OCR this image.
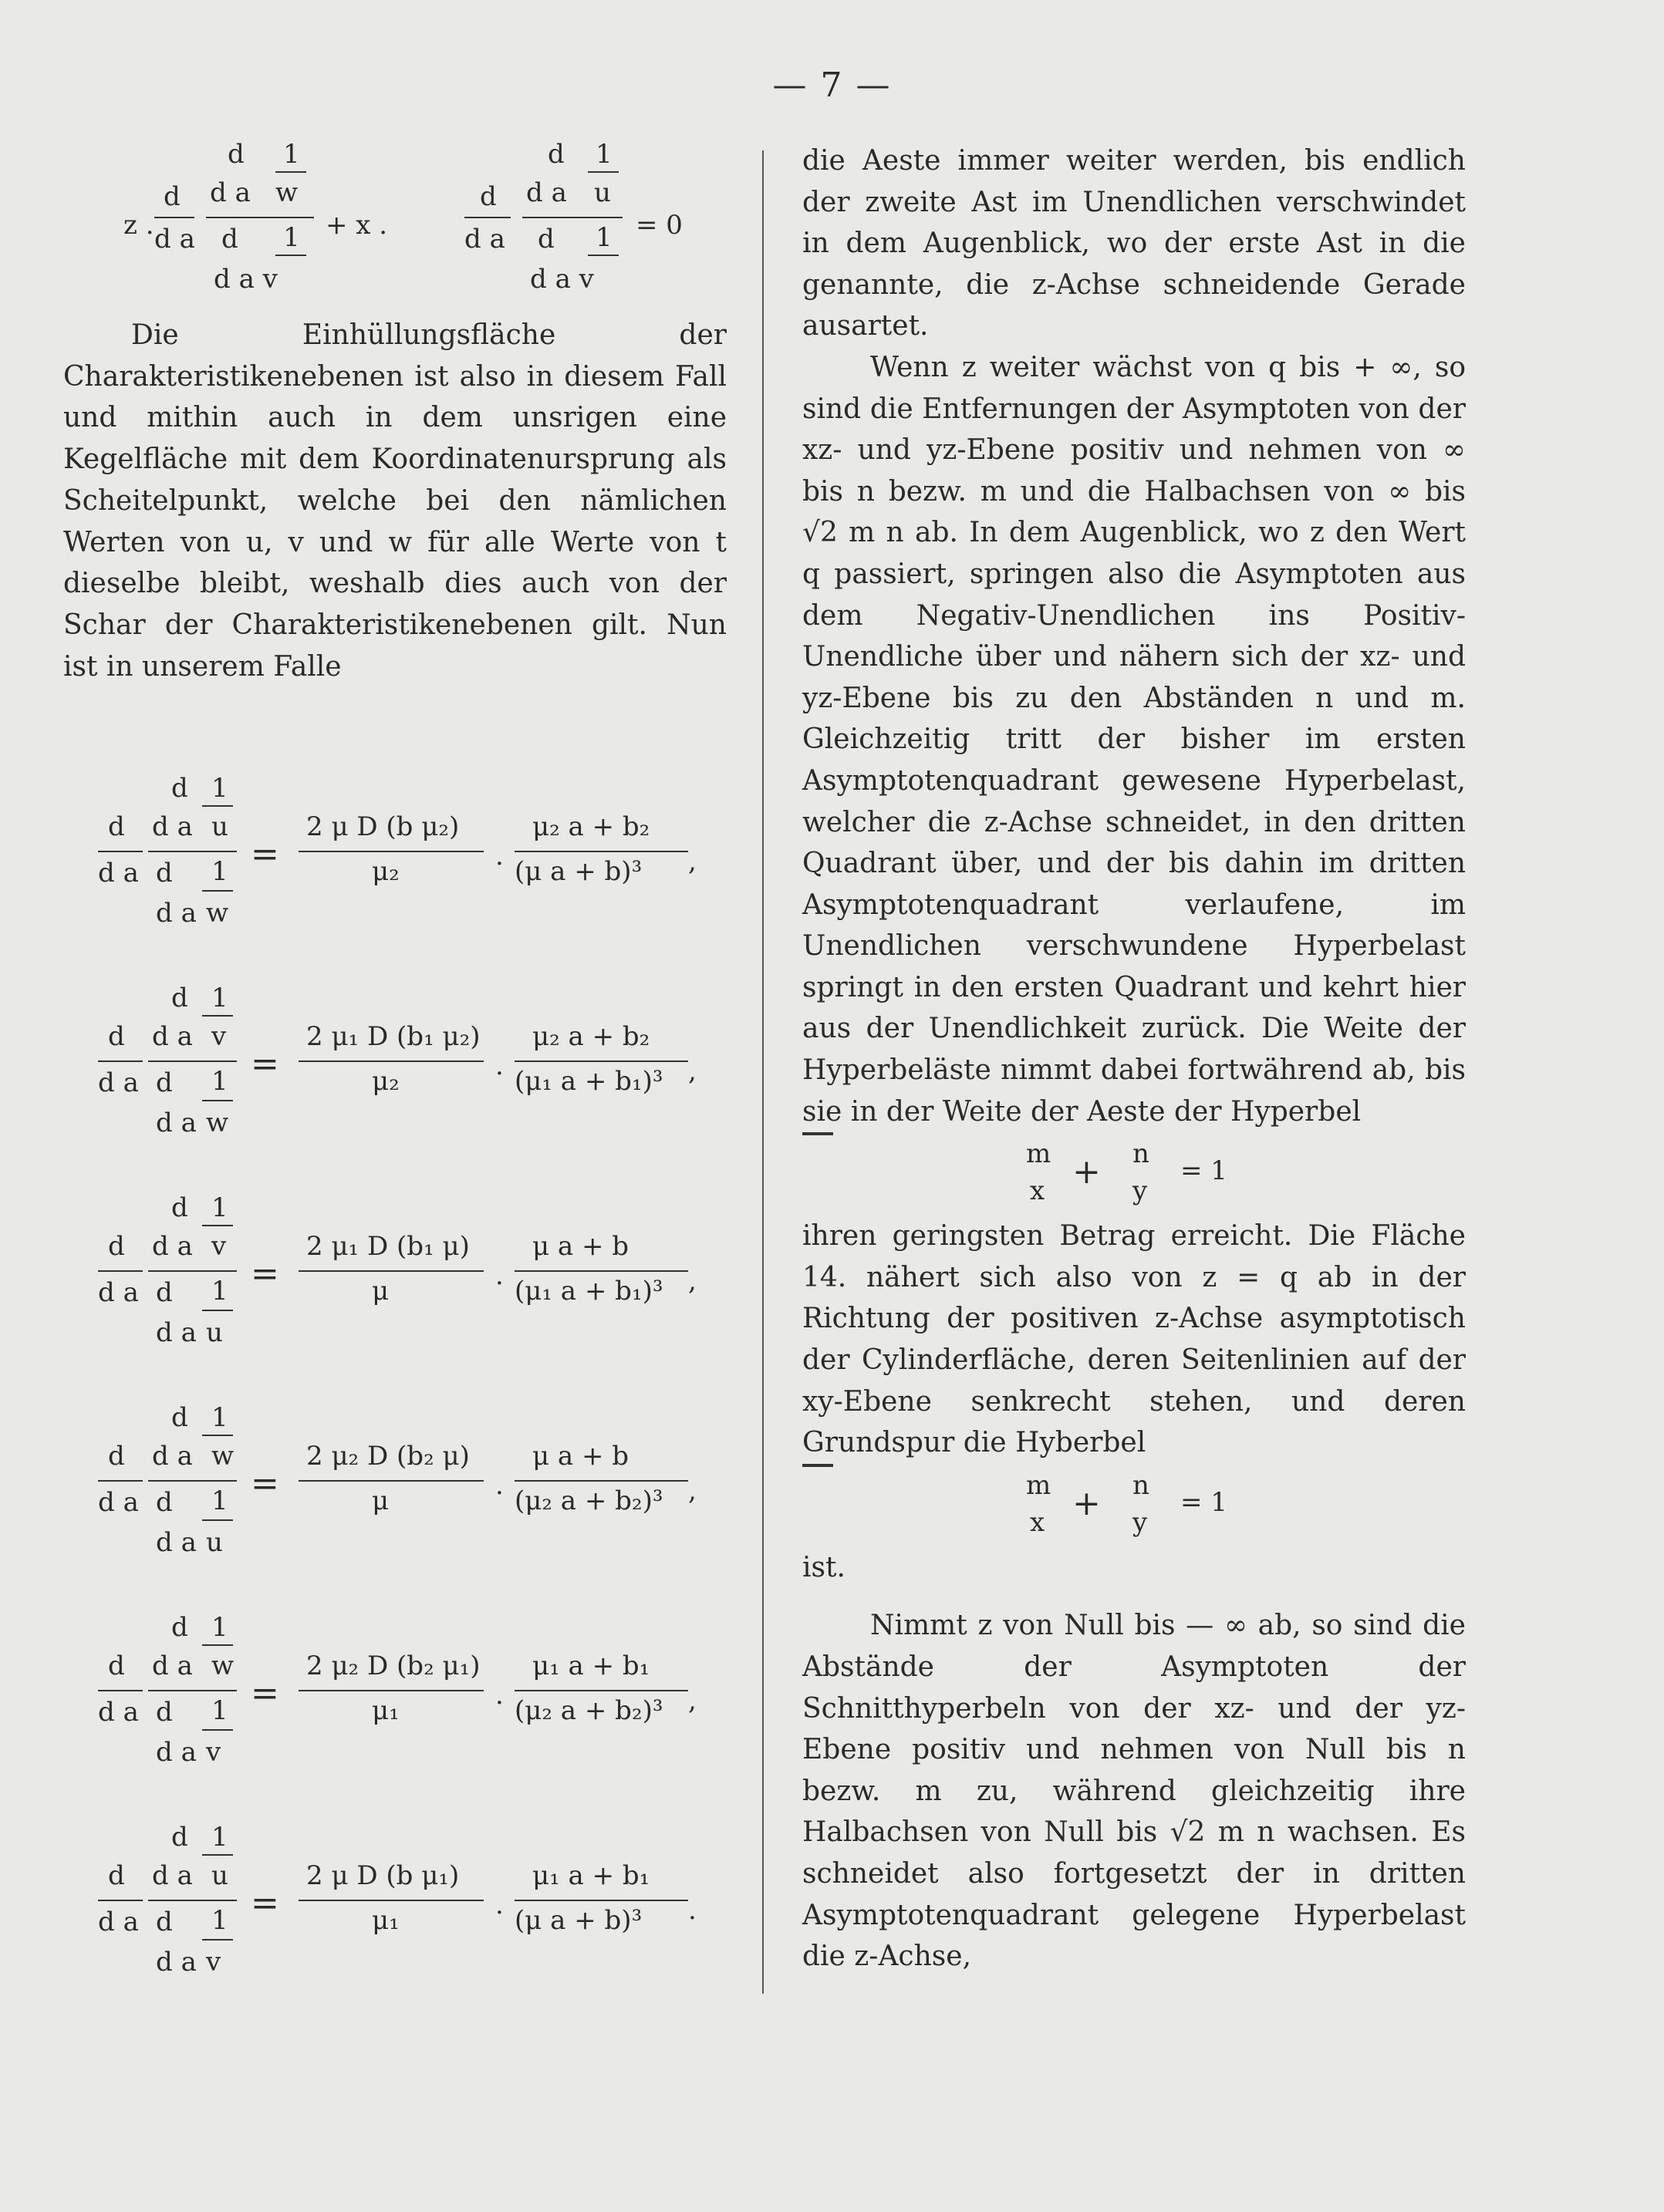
— 7 —
z .
d 1
d a w
d
d a d 1
d a v
+ x .
d 1
d a u
d
d a d 1
d a v
= 0

Die Einhüllungsfläche der Charakteristikenebenen ist also in diesem Fall und mithin auch in dem unsrigen eine Kegelfläche mit dem Koordinatenursprung als Scheitelpunkt, welche bei den nämlichen Werten von u, v und w für alle Werte von t dieselbe bleibt, weshalb dies auch von der Schar der Charakteristikenebenen gilt. Nun ist in unserem Falle

d 1
d a u
d
d a d 1
w
=
2 μ D (b μ₂)
μ₂	.
μ₂ a + b₂
(μ a + b)³ ,
d a
d 1
d a v
d
d a d 1
w
=
2 μ₁ D (b₁ μ₂)
μ₂	.
μ₂ a + b₂
(μ₁ a + b₁)³ ,
d a
d 1
d a v
d
d a d 1
u
=
2 μ₁ D (b₁ μ)
μ	.
μ a + b
(μ₁ a + b₁)³ ,
d a
d 1
d a w
d
d a d 1
u
=
2 μ₂ D (b₂ μ)
μ	.
μ a + b
(μ₂ a + b₂)³ ,
d a
d 1
d a w
d
d a d 1
v
=
2 μ₂ D (b₂ μ₁)
μ₁	.
μ₁ a + b₁
(μ₂ a + b₂)³ ,
d a
d 1
d a u
d
d a d 1
v
=
2 μ D (b μ₁)
μ₁	.
μ₁ a + b₁
(μ a + b)³ .
d a

die Aeste immer weiter werden, bis endlich der zweite Ast im Unendlichen verschwindet in dem Augenblick, wo der erste Ast in die genannte, die z-Achse schneidende Gerade ausartet.

Wenn z weiter wächst von q bis + ∞, so sind die Entfernungen der Asymptoten von der xz- und yz-Ebene positiv und nehmen von ∞ bis n bezw. m und die Halbachsen von ∞ bis √2 m n ab. In dem Augenblick, wo z den Wert q passiert, springen also die Asymptoten aus dem Negativ-Unendlichen ins Positiv-Unendliche über und nähern sich der xz- und yz-Ebene bis zu den Abständen n und m. Gleichzeitig tritt der bisher im ersten Asymptotenquadrant gewesene Hyperbelast, welcher die z-Achse schneidet, in den dritten Quadrant über, und der bis dahin im dritten Asymptotenquadrant verlaufene, im Unendlichen verschwundene Hyperbelast springt in den ersten Quadrant und kehrt hier aus der Unendlichkeit zurück. Die Weite der Hyperbeläste nimmt dabei fortwährend ab, bis sie in der Weite der Aeste der Hyperbel

m
x + n
y
= 1

ihren geringsten Betrag erreicht. Die Fläche 14. nähert sich also von z = q ab in der Richtung der positiven z-Achse asymptotisch der Cylinderfläche, deren Seitenlinien auf der xy-Ebene senkrecht stehen, und deren Grundspur die Hyberbel

m
x + n
y
= 1

ist.

Nimmt z von Null bis — ∞ ab, so sind die Abstände der Asymptoten der Schnitthyperbeln von der xz- und der yz-Ebene positiv und nehmen von Null bis n bezw. m zu, während gleichzeitig ihre Halbachsen von Null bis √2 m n wachsen. Es schneidet also fortgesetzt der in dritten Asymptotenquadrant gelegene Hyperbelast die z-Achse,
